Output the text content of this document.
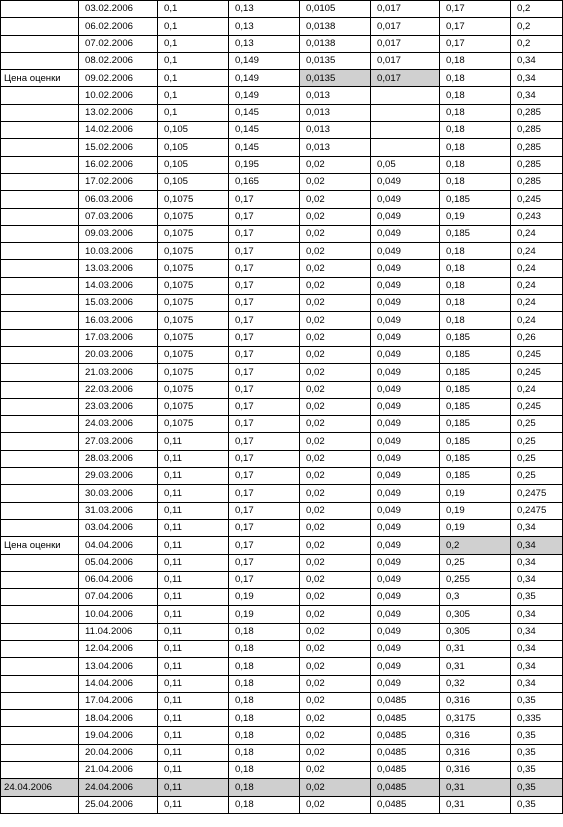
	03.02.2006	0,1	0,13	0,0105	0,017	0,17	0,2
	06.02.2006	0,1	0,13	0,0138	0,017	0,17	0,2
	07.02.2006	0,1	0,13	0,0138	0,017	0,17	0,2
	08.02.2006	0,1	0,149	0,0135	0,017	0,18	0,34
Цена оценки	09.02.2006	0,1	0,149	0,0135	0,017	0,18	0,34
	10.02.2006	0,1	0,149	0,013		0,18	0,34
	13.02.2006	0,1	0,145	0,013		0,18	0,285
	14.02.2006	0,105	0,145	0,013		0,18	0,285
	15.02.2006	0,105	0,145	0,013		0,18	0,285
	16.02.2006	0,105	0,195	0,02	0,05	0,18	0,285
	17.02.2006	0,105	0,165	0,02	0,049	0,18	0,285
	06.03.2006	0,1075	0,17	0,02	0,049	0,185	0,245
	07.03.2006	0,1075	0,17	0,02	0,049	0,19	0,243
	09.03.2006	0,1075	0,17	0,02	0,049	0,185	0,24
	10.03.2006	0,1075	0,17	0,02	0,049	0,18	0,24
	13.03.2006	0,1075	0,17	0,02	0,049	0,18	0,24
	14.03.2006	0,1075	0,17	0,02	0,049	0,18	0,24
	15.03.2006	0,1075	0,17	0,02	0,049	0,18	0,24
	16.03.2006	0,1075	0,17	0,02	0,049	0,18	0,24
	17.03.2006	0,1075	0,17	0,02	0,049	0,185	0,26
	20.03.2006	0,1075	0,17	0,02	0,049	0,185	0,245
	21.03.2006	0,1075	0,17	0,02	0,049	0,185	0,245
	22.03.2006	0,1075	0,17	0,02	0,049	0,185	0,24
	23.03.2006	0,1075	0,17	0,02	0,049	0,185	0,245
	24.03.2006	0,1075	0,17	0,02	0,049	0,185	0,25
	27.03.2006	0,11	0,17	0,02	0,049	0,185	0,25
	28.03.2006	0,11	0,17	0,02	0,049	0,185	0,25
	29.03.2006	0,11	0,17	0,02	0,049	0,185	0,25
	30.03.2006	0,11	0,17	0,02	0,049	0,19	0,2475
	31.03.2006	0,11	0,17	0,02	0,049	0,19	0,2475
	03.04.2006	0,11	0,17	0,02	0,049	0,19	0,34
Цена оценки	04.04.2006	0,11	0,17	0,02	0,049	0,2	0,34
	05.04.2006	0,11	0,17	0,02	0,049	0,25	0,34
	06.04.2006	0,11	0,17	0,02	0,049	0,255	0,34
	07.04.2006	0,11	0,19	0,02	0,049	0,3	0,35
	10.04.2006	0,11	0,19	0,02	0,049	0,305	0,34
	11.04.2006	0,11	0,18	0,02	0,049	0,305	0,34
	12.04.2006	0,11	0,18	0,02	0,049	0,31	0,34
	13.04.2006	0,11	0,18	0,02	0,049	0,31	0,34
	14.04.2006	0,11	0,18	0,02	0,049	0,32	0,34
	17.04.2006	0,11	0,18	0,02	0,0485	0,316	0,35
	18.04.2006	0,11	0,18	0,02	0,0485	0,3175	0,335
	19.04.2006	0,11	0,18	0,02	0,0485	0,316	0,35
	20.04.2006	0,11	0,18	0,02	0,0485	0,316	0,35
	21.04.2006	0,11	0,18	0,02	0,0485	0,316	0,35
24.04.2006	24.04.2006	0,11	0,18	0,02	0,0485	0,31	0,35
	25.04.2006	0,11	0,18	0,02	0,0485	0,31	0,35
